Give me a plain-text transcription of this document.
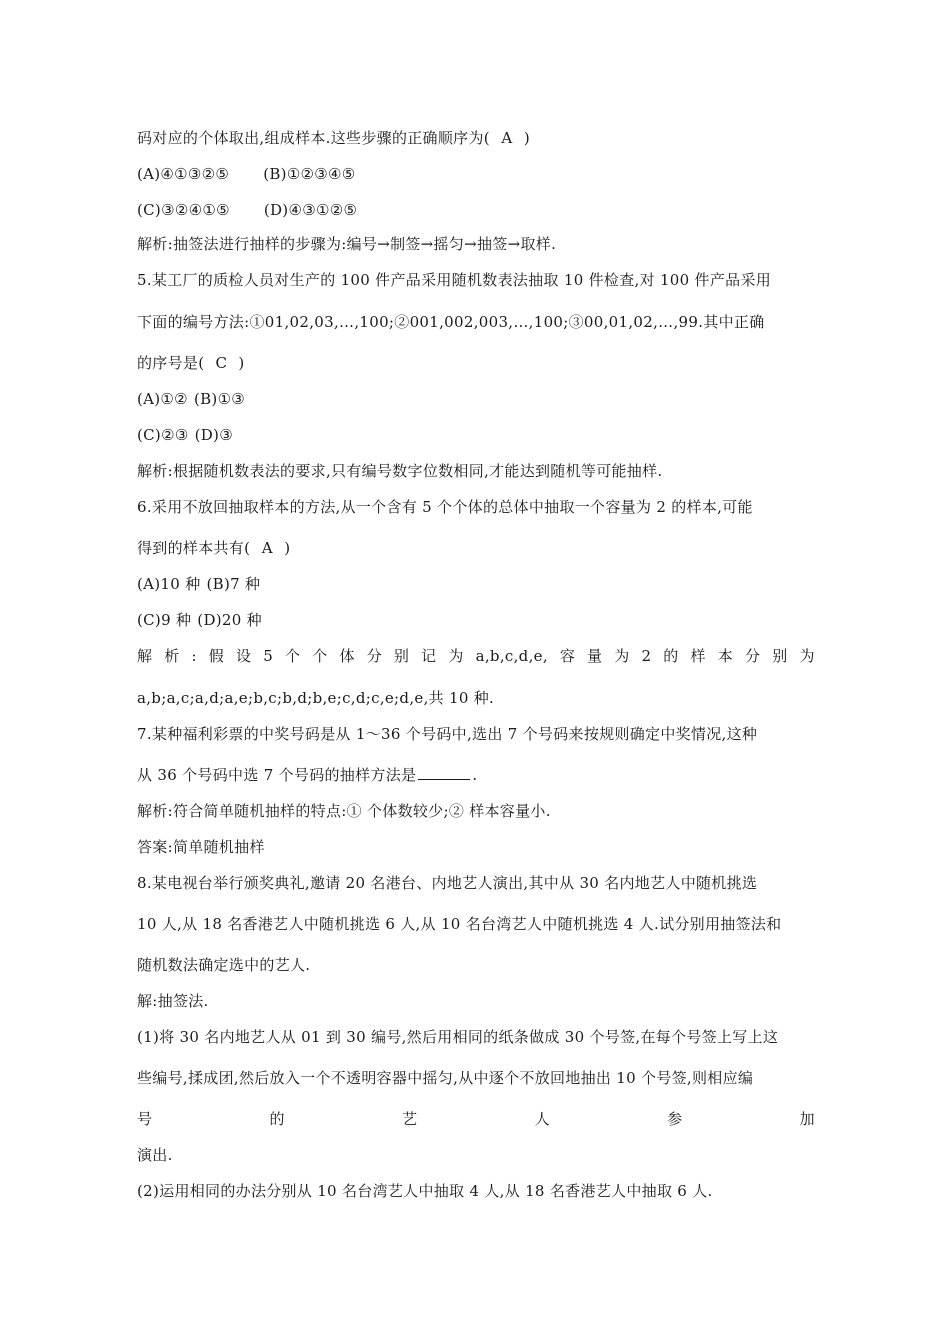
码对应的个体取出,组成样本.这些步骤的正确顺序为( A )
(A)④①③②⑤ (B)①②③④⑤
(C)③②④①⑤ (D)④③①②⑤
解析:抽签法进行抽样的步骤为:编号→制签→摇匀→抽签→取样.
5.某工厂的质检人员对生产的 100 件产品采用随机数表法抽取 10 件检查,对 100 件产品采用
下面的编号方法:①01,02,03,…,100;②001,002,003,…,100;③00,01,02,…,99.其中正确
的序号是( C )
(A)①② (B)①③
(C)②③ (D)③
解析:根据随机数表法的要求,只有编号数字位数相同,才能达到随机等可能抽样.
6.采用不放回抽取样本的方法,从一个含有 5 个个体的总体中抽取一个容量为 2 的样本,可能
得到的样本共有( A )
(A)10 种 (B)7 种
(C)9 种 (D)20 种
解 析 : 假 设 5 个 个 体 分 别 记 为 a,b,c,d,e, 容 量 为 2 的 样 本 分 别 为
a,b;a,c;a,d;a,e;b,c;b,d;b,e;c,d;c,e;d,e,共 10 种.
7.某种福利彩票的中奖号码是从 1～36 个号码中,选出 7 个号码来按规则确定中奖情况,这种
从 36 个号码中选 7 个号码的抽样方法是	.
解析:符合简单随机抽样的特点:① 个体数较少;② 样本容量小.
答案:简单随机抽样
8.某电视台举行颁奖典礼,邀请 20 名港台、内地艺人演出,其中从 30 名内地艺人中随机挑选
10 人,从 18 名香港艺人中随机挑选 6 人,从 10 名台湾艺人中随机挑选 4 人.试分别用抽签法和
随机数法确定选中的艺人.
解:抽签法.
(1)将 30 名内地艺人从 01 到 30 编号,然后用相同的纸条做成 30 个号签,在每个号签上写上这
些编号,揉成团,然后放入一个不透明容器中摇匀,从中逐个不放回地抽出 10 个号签,则相应编
号	的	艺	人	参	加
演出.
(2)运用相同的办法分别从 10 名台湾艺人中抽取 4 人,从 18 名香港艺人中抽取 6 人.
